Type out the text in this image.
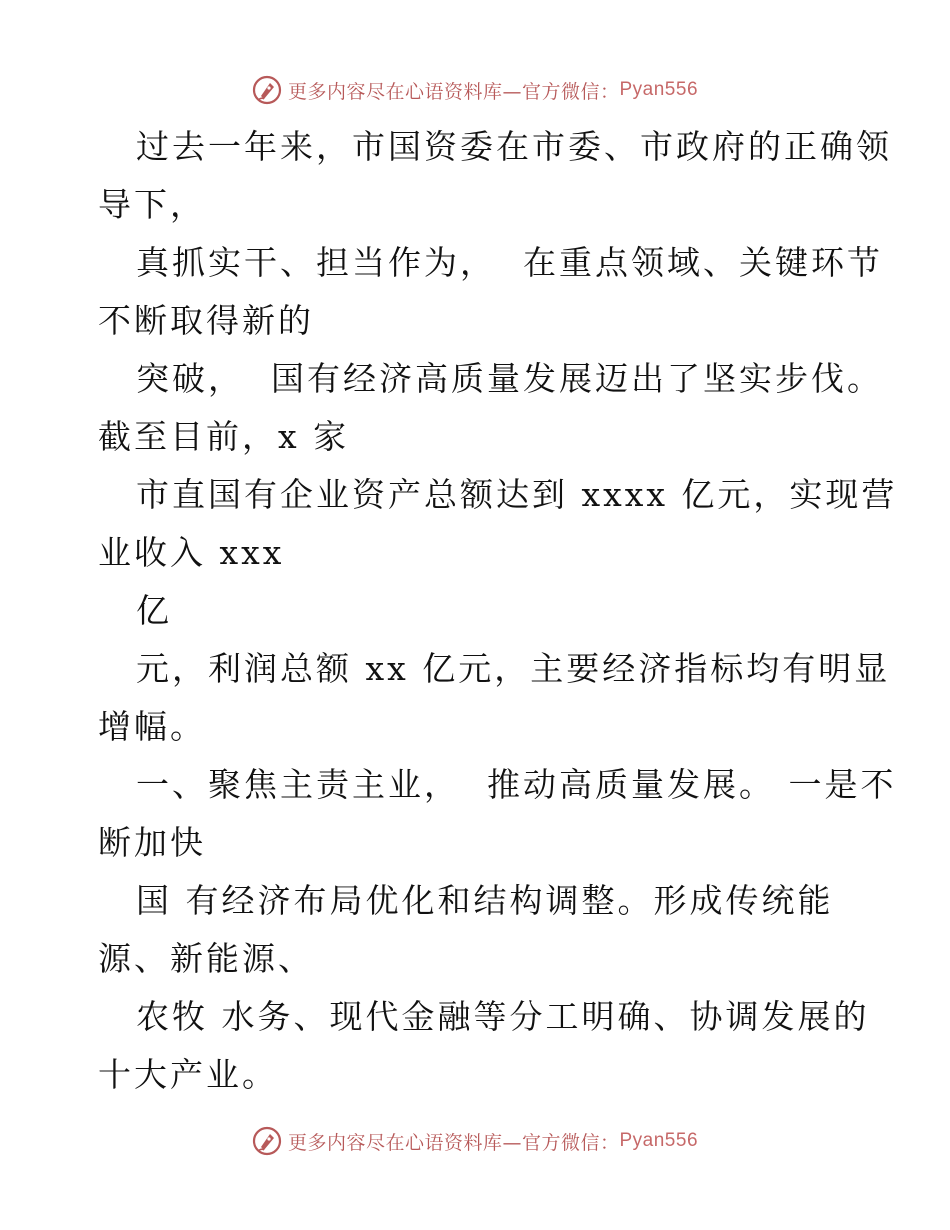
更多内容尽在心语资料库—官方微信： Pyan556

过去一年来，市国资委在市委、市政府的正确领

导下，

真抓实干、担当作为，  在重点领域、关键环节

不断取得新的

突破，  国有经济高质量发展迈出了坚实步伐。

截至目前，x 家

市直国有企业资产总额达到 xxxx 亿元，实现营

业收入 xxx

亿

元，利润总额 xx 亿元，主要经济指标均有明显

增幅。

一、聚焦主责主业，  推动高质量发展。 一是不

断加快

国 有经济布局优化和结构调整。形成传统能

源、新能源、

农牧 水务、现代金融等分工明确、协调发展的

十大产业。

更多内容尽在心语资料库—官方微信： Pyan556
